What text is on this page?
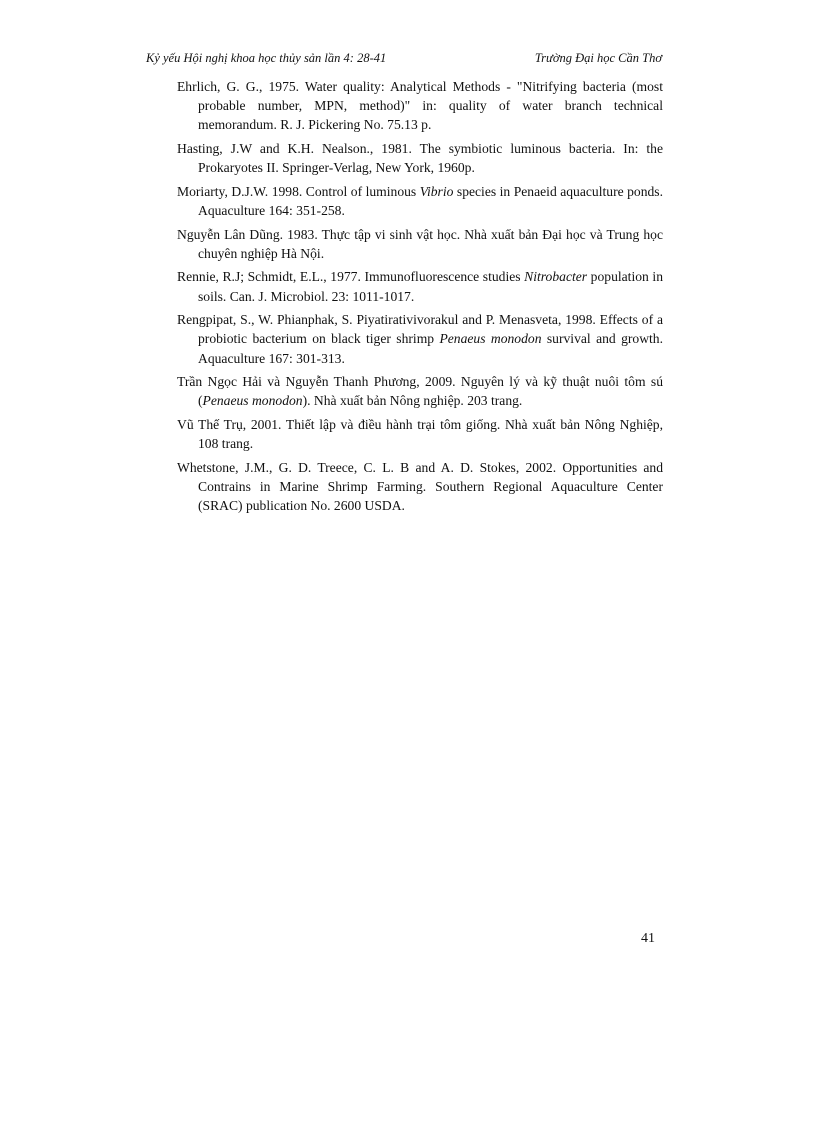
Kỷ yếu Hội nghị khoa học thủy sản lần 4: 28-41	Trường Đại học Cần Thơ
Ehrlich, G. G., 1975. Water quality: Analytical Methods - "Nitrifying bacteria (most probable number, MPN, method)" in: quality of water branch technical memorandum. R. J. Pickering No. 75.13 p.
Hasting, J.W and K.H. Nealson., 1981. The symbiotic luminous bacteria. In: the Prokaryotes II. Springer-Verlag, New York, 1960p.
Moriarty, D.J.W. 1998. Control of luminous Vibrio species in Penaeid aquaculture ponds. Aquaculture 164: 351-258.
Nguyễn Lân Dũng. 1983. Thực tập vi sinh vật học. Nhà xuất bản Đại học và Trung học chuyên nghiệp Hà Nội.
Rennie, R.J; Schmidt, E.L., 1977. Immunofluorescence studies Nitrobacter population in soils. Can. J. Microbiol. 23: 1011-1017.
Rengpipat, S., W. Phianphak, S. Piyatirativivorakul and P. Menasveta, 1998. Effects of a probiotic bacterium on black tiger shrimp Penaeus monodon survival and growth. Aquaculture 167: 301-313.
Trần Ngọc Hải và Nguyễn Thanh Phương, 2009. Nguyên lý và kỹ thuật nuôi tôm sú (Penaeus monodon). Nhà xuất bản Nông nghiệp. 203 trang.
Vũ Thế Trụ, 2001. Thiết lập và điều hành trại tôm giống. Nhà xuất bản Nông Nghiệp, 108 trang.
Whetstone, J.M., G. D. Treece, C. L. B and A. D. Stokes, 2002. Opportunities and Contrains in Marine Shrimp Farming. Southern Regional Aquaculture Center (SRAC) publication No. 2600 USDA.
41
